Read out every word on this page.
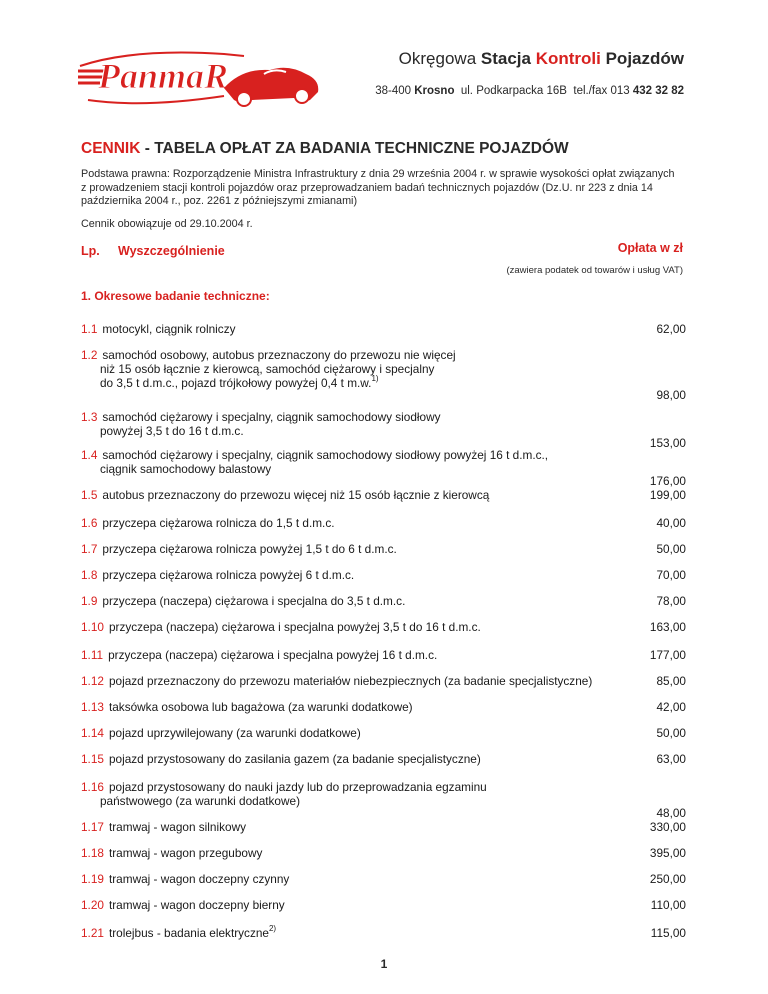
PanmaR	Okręgowa Stacja Kontroli Pojazdów
38-400 Krosno  ul. Podkarpacka 16B  tel./fax 013 432 32 82
CENNIK - TABELA OPŁAT ZA BADANIA TECHNICZNE POJAZDÓW
Podstawa prawna: Rozporządzenie Ministra Infrastruktury z dnia 29 września 2004 r. w sprawie wysokości opłat związanych z prowadzeniem stacji kontroli pojazdów oraz przeprowadzaniem badań technicznych pojazdów (Dz.U. nr 223 z dnia 14 października 2004 r., poz. 2261 z późniejszymi zmianami)
Cennik obowiązuje od 29.10.2004 r.
Lp. Wyszczególnienie	Opłata w zł
(zawiera podatek od towarów i usług VAT)
1. Okresowe badanie techniczne:
1.1 motocykl, ciągnik rolniczy	62,00
1.2 samochód osobowy, autobus przeznaczony do przewozu nie więcej
niż 15 osób łącznie z kierowcą, samochód ciężarowy i specjalny
do 3,5 t d.m.c., pojazd trójkołowy powyżej 0,4 t m.w.$^{1)}$
98,00
1.3 samochód ciężarowy i specjalny, ciągnik samochodowy siodłowy
powyżej 3,5 t do 16 t d.m.c.
153,00
1.4 samochód ciężarowy i specjalny, ciągnik samochodowy siodłowy powyżej 16 t d.m.c.,
ciągnik samochodowy balastowy
176,00
1.5 autobus przeznaczony do przewozu więcej niż 15 osób łącznie z kierowcą	199,00
1.6 przyczepa ciężarowa rolnicza do 1,5 t d.m.c.	40,00
1.7 przyczepa ciężarowa rolnicza powyżej 1,5 t do 6 t d.m.c.	50,00
1.8 przyczepa ciężarowa rolnicza powyżej 6 t d.m.c.	70,00
1.9 przyczepa (naczepa) ciężarowa i specjalna do 3,5 t d.m.c.	78,00
1.10 przyczepa (naczepa) ciężarowa i specjalna powyżej 3,5 t do 16 t d.m.c.	163,00
1.11 przyczepa (naczepa) ciężarowa i specjalna powyżej 16 t d.m.c.	177,00
1.12 pojazd przeznaczony do przewozu materiałów niebezpiecznych (za badanie specjalistyczne)	85,00
1.13 taksówka osobowa lub bagażowa (za warunki dodatkowe)	42,00
1.14 pojazd uprzywilejowany (za warunki dodatkowe)	50,00
1.15 pojazd przystosowany do zasilania gazem (za badanie specjalistyczne)	63,00
1.16 pojazd przystosowany do nauki jazdy lub do przeprowadzania egzaminu
państwowego (za warunki dodatkowe)
48,00
1.17 tramwaj - wagon silnikowy	330,00
1.18 tramwaj - wagon przegubowy	395,00
1.19 tramwaj - wagon doczepny czynny	250,00
1.20 tramwaj - wagon doczepny bierny	110,00
1.21 trolejbus - badania elektryczne$^{2)}$	115,00
1
